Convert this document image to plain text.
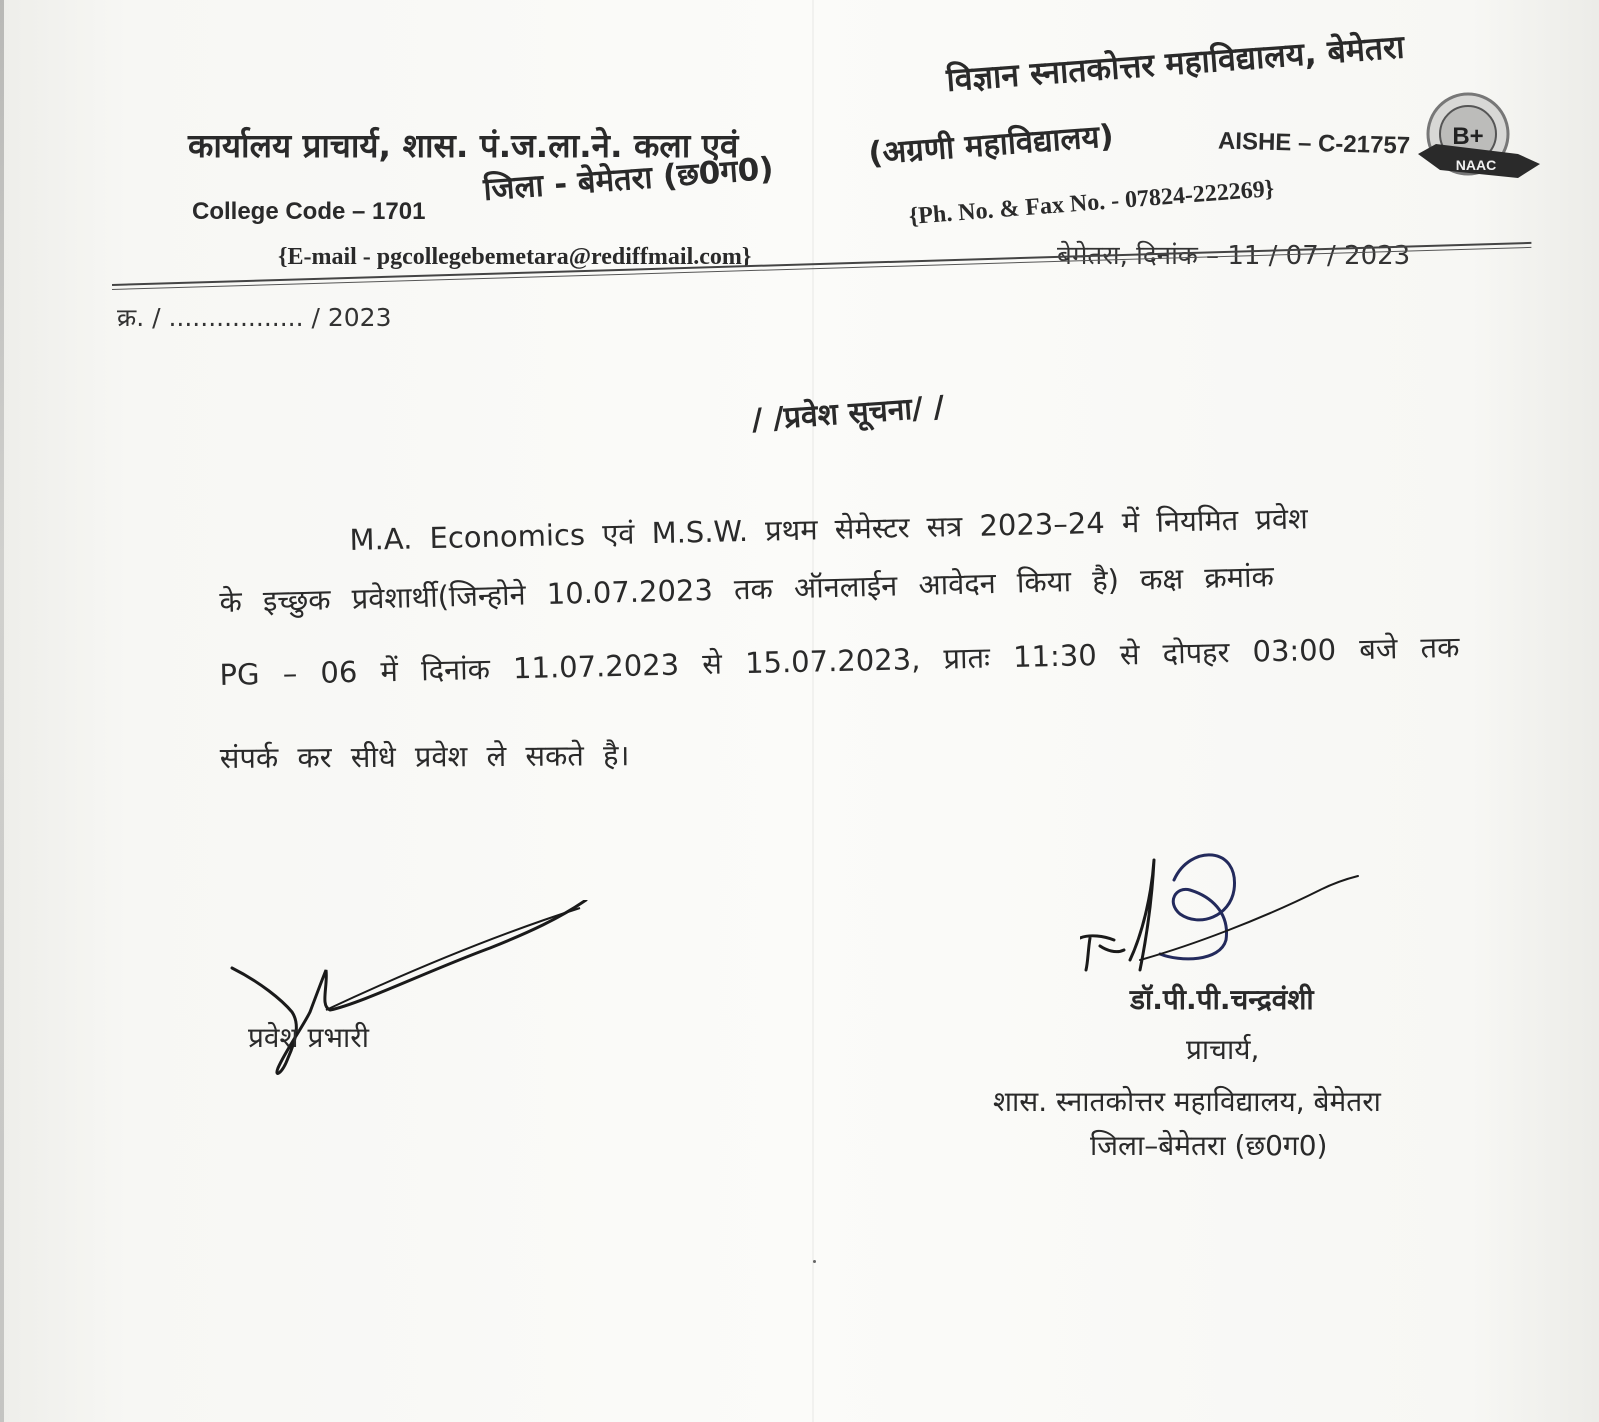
कार्यालय प्राचार्य, शास. पं.ज.ला.ने. कला एवं
विज्ञान स्नातकोत्तर महाविद्यालय, बेमेतरा
B+
NAAC
AISHE – C-21757
(अग्रणी महाविद्यालय)
College Code – 1701
जिला - बेमेतरा (छ0ग0)	{Ph. No. & Fax No. - 07824-222269}
{E-mail - pgcollegebemetara@rediffmail.com}	बेमेतरा, दिनांक – 11 / 07 / 2023
क्र. / ................. / 2023
/ /प्रवेश सूचना/ /
M.A. Economics एवं M.S.W. प्रथम सेमेस्टर सत्र 2023–24 में नियमित प्रवेश
के इच्छुक प्रवेशार्थी(जिन्होने 10.07.2023 तक ऑनलाईन आवेदन किया है) कक्ष क्रमांक
PG – 06 में दिनांक 11.07.2023 से 15.07.2023, प्रातः 11:30 से दोपहर 03:00 बजे तक
संपर्क कर सीधे प्रवेश ले सकते है।
प्रवेश प्रभारी
डॉ.पी.पी.चन्द्रवंशी
प्राचार्य,
शास. स्नातकोत्तर महाविद्यालय, बेमेतरा
जिला–बेमेतरा (छ0ग0)
